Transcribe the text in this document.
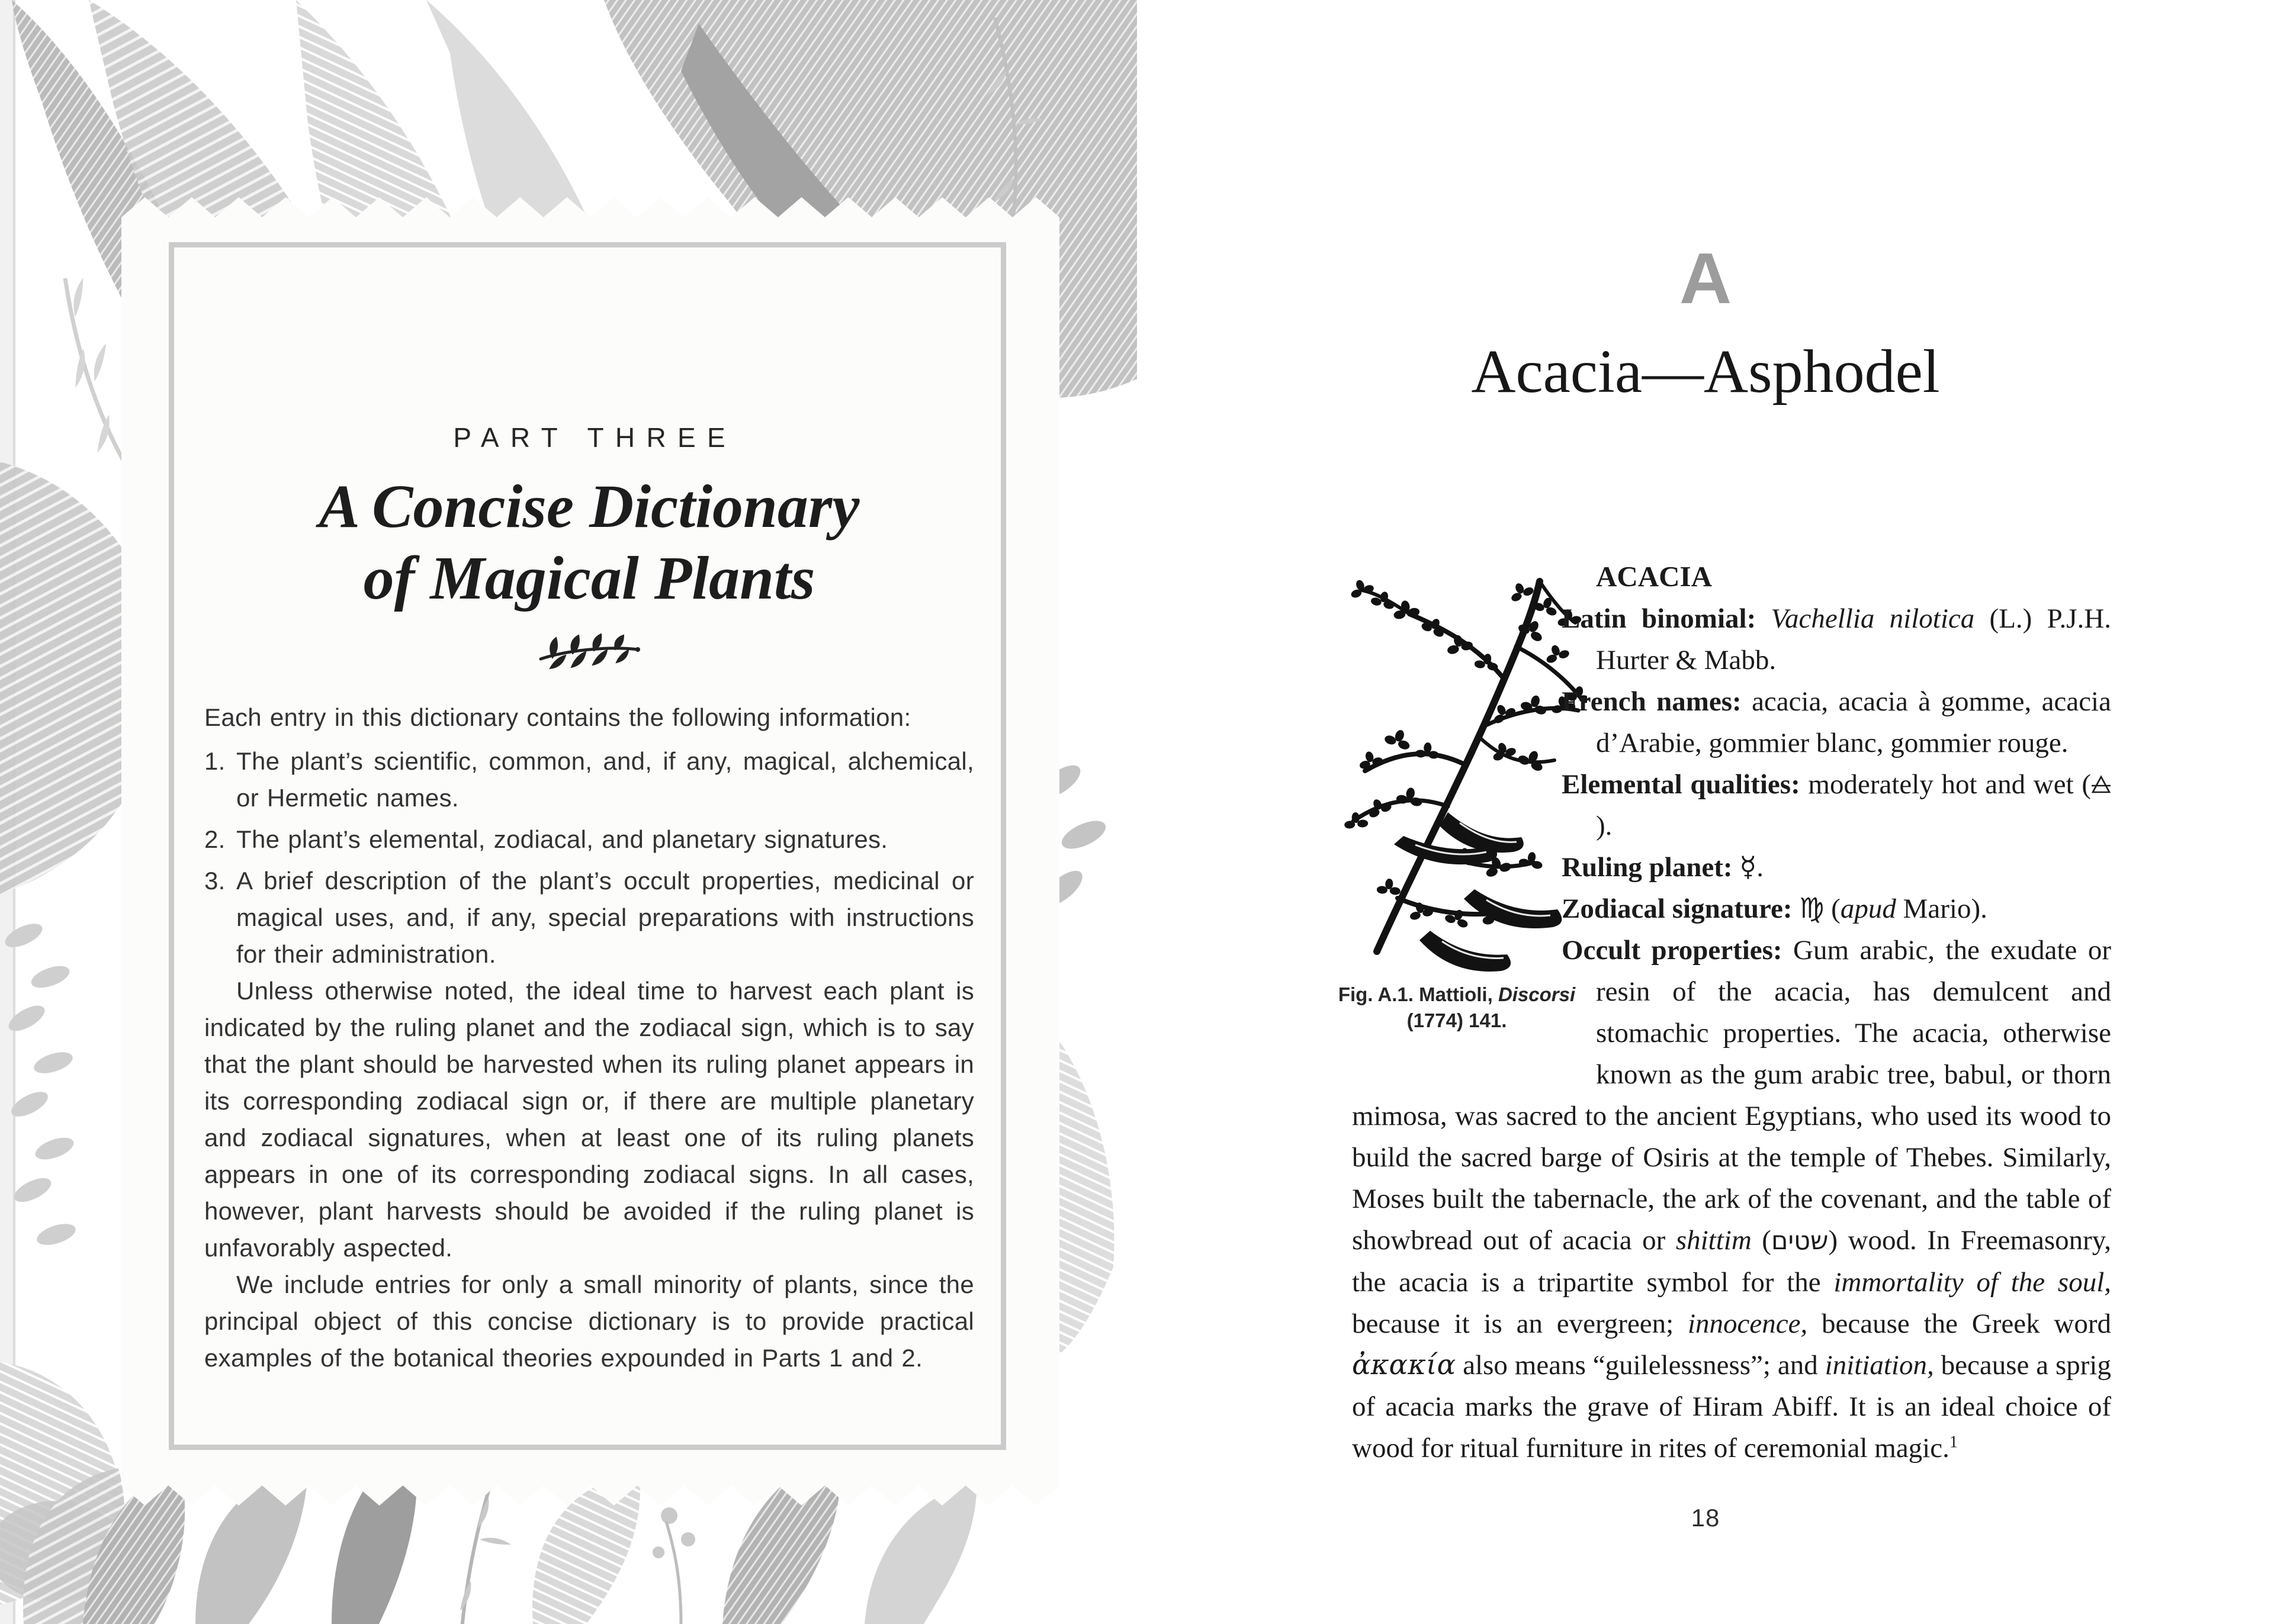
PART THREE
A Concise Dictionary
of Magical Plants
Each entry in this dictionary contains the following information:
1. The plant’s scientific, common, and, if any, magical, alchemical, or Hermetic names.
2. The plant’s elemental, zodiacal, and planetary signatures.
3. A brief description of the plant’s occult properties, medicinal or magical uses, and, if any, special preparations with instructions for their administration.

Unless otherwise noted, the ideal time to harvest each plant is indicated by the ruling planet and the zodiacal sign, which is to say that the plant should be harvested when its ruling planet appears in its corresponding zodiacal sign or, if there are multiple planetary and zodiacal signatures, when at least one of its ruling planets appears in one of its corresponding zodiacal signs. In all cases, however, plant harvests should be avoided if the ruling planet is unfavorably aspected.

We include entries for only a small minority of plants, since the principal object of this concise dictionary is to provide practical examples of the botanical theories expounded in Parts 1 and 2.

A
Acacia—Asphodel
Fig. A.1. Mattioli, Discorsi
(1774) 141.
ACACIA
Latin binomial: Vachellia nilotica (L.) P.J.H. Hurter & Mabb.
French names: acacia, acacia à gomme, acacia d’Arabie, gommier blanc, gommier rouge.
Elemental qualities: moderately hot and wet ().
Ruling planet: ☿.
Zodiacal signature: ♍ (apud Mario).
Occult properties: Gum arabic, the exudate or resin of the acacia, has demulcent and stomachic properties. The acacia, otherwise known as the gum arabic tree, babul, or thorn mimosa, was sacred to the ancient Egyptians, who used its wood to build the sacred barge of Osiris at the temple of Thebes. Similarly, Moses built the tabernacle, the ark of the covenant, and the table of showbread out of acacia or shittim (שטים) wood. In Freemasonry, the acacia is a tripartite symbol for the immortality of the soul, because it is an evergreen; innocence, because the Greek word ἀκακία also means “guilelessness”; and initiation, because a sprig of acacia marks the grave of Hiram Abiff. It is an ideal choice of wood for ritual furniture in rites of ceremonial magic.$^1$
18
